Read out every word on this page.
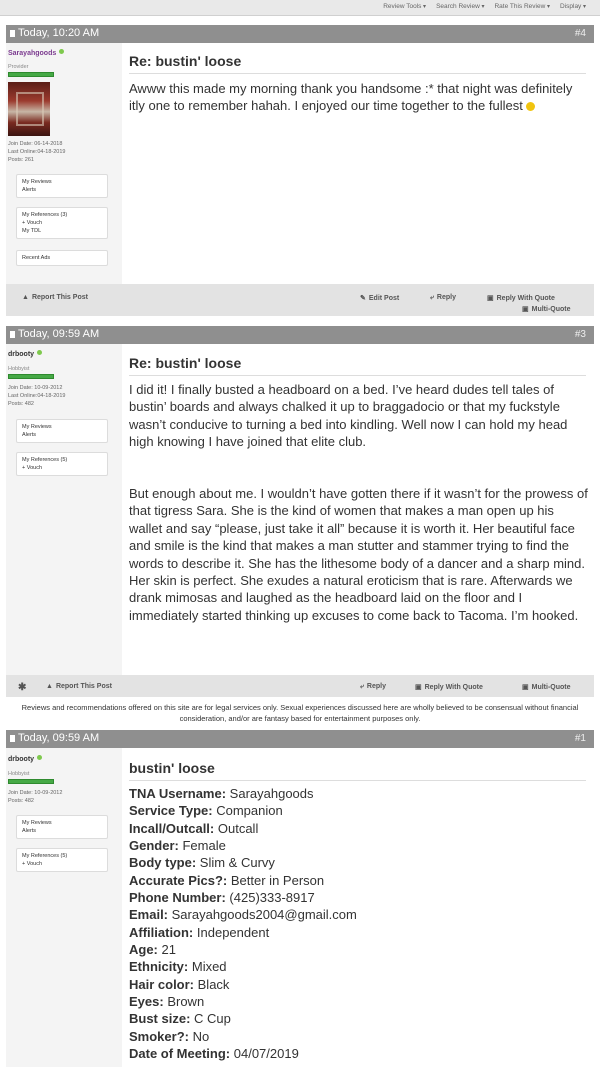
Review Tools ▾	Search Review ▾	Rate This Review ▾	Display ▾
Today, 10:20 AM	#4
Sarayahgoods
Provider
Join Date: 06-14-2018
Last Online:04-18-2019
Posts: 261
My Reviews
Alerts
My References (3)
+ Vouch
My TDL
Recent Ads
Re: bustin' loose
Awww this made my morning thank you handsome :* that night was definitely itly one to remember hahah. I enjoyed our time together to the fullest
▲ Report This Post	✎ Edit Post	⤶ Reply	▣ Reply With Quote
▣ Multi-Quote
Today, 09:59 AM	#3
drbooty
Hobbyist
Join Date: 10-09-2012
Last Online:04-18-2019
Posts: 482
My Reviews
Alerts
My References (5)
+ Vouch
Re: bustin' loose
I did it! I finally busted a headboard on a bed. I’ve heard dudes tell tales of bustin’ boards and always chalked it up to braggadocio or that my fuckstyle wasn’t conducive to turning a bed into kindling. Well now I can hold my head high knowing I have joined that elite club.
But enough about me. I wouldn’t have gotten there if it wasn’t for the prowess of that tigress Sara. She is the kind of women that makes a man open up his wallet and say “please, just take it all” because it is worth it. Her beautiful face and smile is the kind that makes a man stutter and stammer trying to find the words to describe it. She has the lithesome body of a dancer and a sharp mind. Her skin is perfect. She exudes a natural eroticism that is rare. Afterwards we drank mimosas and laughed as the headboard laid on the floor and I immediately started thinking up excuses to come back to Tacoma. I’m hooked.
✱	▲ Report This Post	⤶ Reply	▣ Reply With Quote	▣ Multi-Quote
Reviews and recommendations offered on this site are for legal services only. Sexual experiences discussed here are wholly believed to be consensual without financial consideration, and/or are fantasy based for entertainment purposes only.
Today, 09:59 AM	#1
drbooty
Hobbyist
Join Date: 10-09-2012
Posts: 482
My Reviews
Alerts
My References (5)
+ Vouch
bustin' loose
TNA Username: Sarayahgoods
Service Type: Companion
Incall/Outcall: Outcall
Gender: Female
Body type: Slim & Curvy
Accurate Pics?: Better in Person
Phone Number: (425)333-8917
Email: Sarayahgoods2004@gmail.com
Affiliation: Independent
Age: 21
Ethnicity: Mixed
Hair color: Black
Eyes: Brown
Bust size: C Cup
Smoker?: No
Date of Meeting: 04/07/2019
